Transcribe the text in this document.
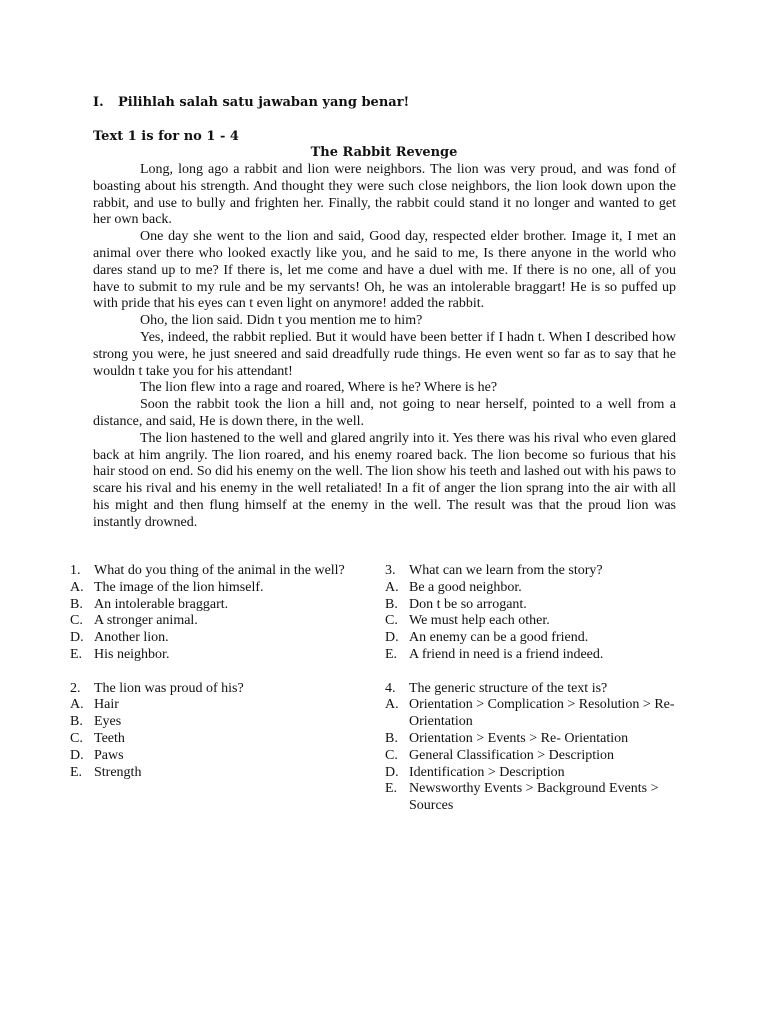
I. Pilihlah salah satu jawaban yang benar!
Text 1 is for no 1 - 4
The Rabbit Revenge

Long, long ago a rabbit and lion were neighbors. The lion was very proud, and was fond of boasting about his strength. And thought they were such close neighbors, the lion look down upon the rabbit, and use to bully and frighten her. Finally, the rabbit could stand it no longer and wanted to get her own back.

One day she went to the lion and said, Good day, respected elder brother. Image it, I met an animal over there who looked exactly like you, and he said to me, Is there anyone in the world who dares stand up to me? If there is, let me come and have a duel with me. If there is no one, all of you have to submit to my rule and be my servants! Oh, he was an intolerable braggart! He is so puffed up with pride that his eyes can t even light on anymore! added the rabbit.

Oho, the lion said. Didn t you mention me to him?

Yes, indeed, the rabbit replied. But it would have been better if I hadn t. When I described how strong you were, he just sneered and said dreadfully rude things. He even went so far as to say that he wouldn t take you for his attendant!

The lion flew into a rage and roared, Where is he? Where is he?

Soon the rabbit took the lion a hill and, not going to near herself, pointed to a well from a distance, and said, He is down there, in the well.

The lion hastened to the well and glared angrily into it. Yes there was his rival who even glared back at him angrily. The lion roared, and his enemy roared back. The lion become so furious that his hair stood on end. So did his enemy on the well. The lion show his teeth and lashed out with his paws to scare his rival and his enemy in the well retaliated! In a fit of anger the lion sprang into the air with all his might and then flung himself at the enemy in the well. The result was that the proud lion was instantly drowned.

1. What do you thing of the animal in the well?
A. The image of the lion himself.
B. An intolerable braggart.
C. A stronger animal.
D. Another lion.
E. His neighbor.
2. The lion was proud of his?
A. Hair
B. Eyes
C. Teeth
D. Paws
E. Strength
3. What can we learn from the story?
A. Be a good neighbor.
B. Don t be so arrogant.
C. We must help each other.
D. An enemy can be a good friend.
E. A friend in need is a friend indeed.
4. The generic structure of the text is?
A. Orientation > Complication > Resolution > Re-Orientation
B. Orientation > Events > Re- Orientation
C. General Classification > Description
D. Identification > Description
E. Newsworthy Events > Background Events > Sources
